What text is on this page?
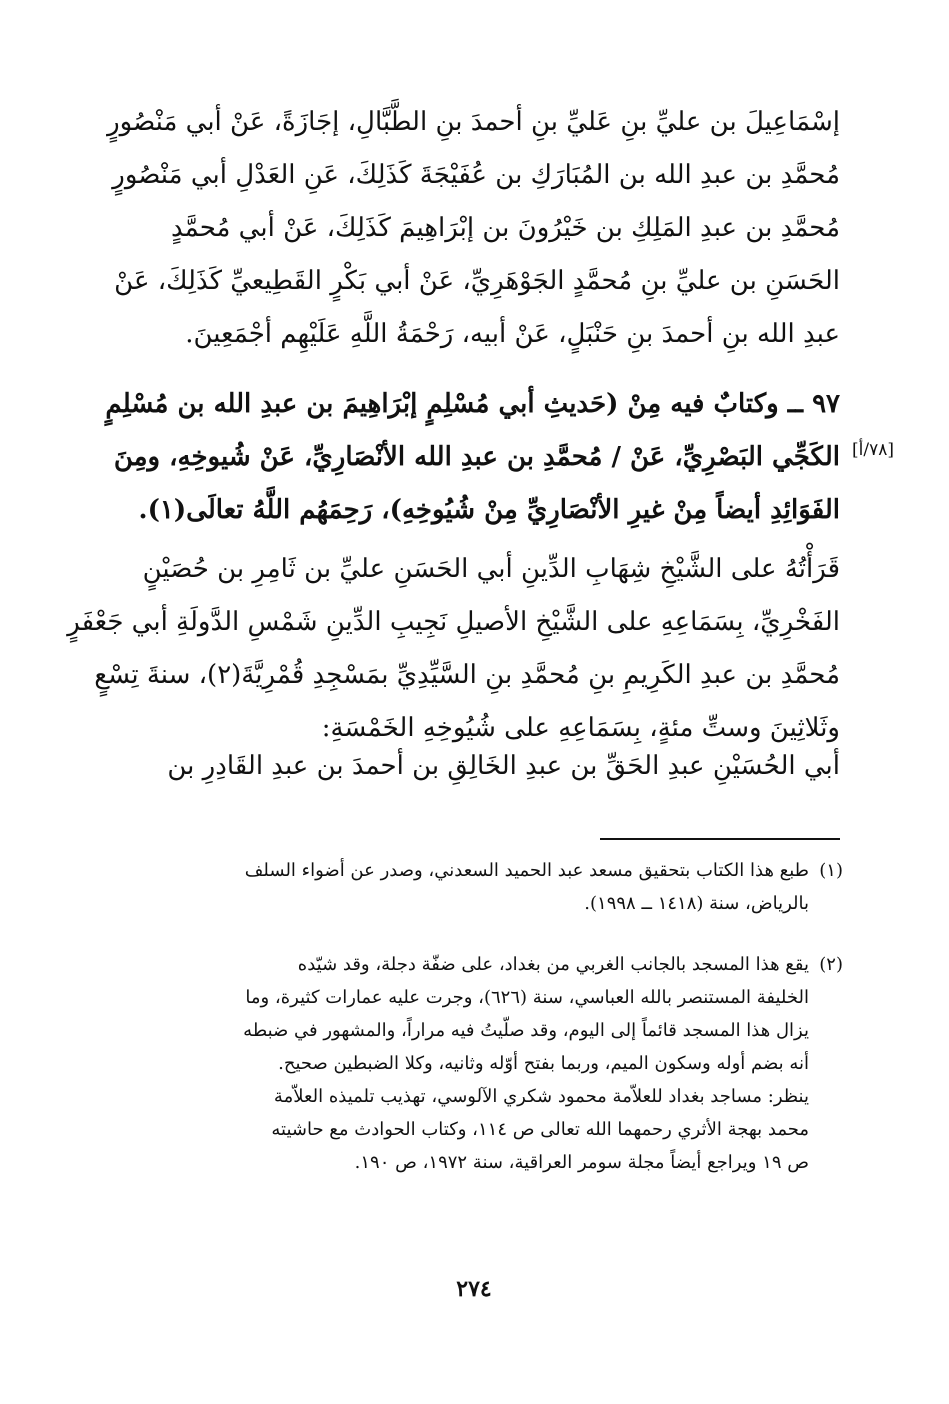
إسْمَاعِيلَ بن عليِّ بنِ عَليِّ بنِ أحمدَ بنِ الطَّبَّالِ، إجَازَةً، عَنْ أبي مَنْصُورٍ
مُحمَّدِ بن عبدِ الله بن المُبَارَكِ بن عُفَيْجَةَ كَذَلِكَ، عَنِ العَدْلِ أبي مَنْصُورٍ
مُحمَّدِ بن عبدِ المَلِكِ بن خَيْرُونَ بن إبْرَاهِيمَ كَذَلِكَ، عَنْ أبي مُحمَّدٍ
الحَسَنِ بن عليِّ بنِ مُحمَّدٍ الجَوْهَرِيِّ، عَنْ أبي بَكْرٍ القَطِيعيِّ كَذَلِكَ، عَنْ
عبدِ الله بنِ أحمدَ بنِ حَنْبَلٍ، عَنْ أبيه، رَحْمَةُ اللَّهِ عَلَيْهِم أجْمَعِينَ.
٩٧ ــ وكتابٌ فيه مِنْ (حَديثِ أبي مُسْلِمٍ إبْرَاهِيمَ بن عبدِ الله بن مُسْلِمٍ
الكَجِّي البَصْرِيِّ، عَنْ / مُحمَّدِ بن عبدِ الله الأنْصَارِيِّ، عَنْ شُيوخِهِ، ومِنَ
الفَوَائِدِ أيضاً مِنْ غيرِ الأنْصَارِيِّ مِنْ شُيُوخِهِ)، رَحِمَهُم اللَّهُ تعالَى(١).
[٧٨/أ]
قَرَأْتُهُ على الشَّيْخِ شِهَابِ الدِّينِ أبي الحَسَنِ عليِّ بن ثَامِرِ بن حُصَيْنٍ
الفَخْرِيِّ، بِسَمَاعِهِ على الشَّيْخِ الأصيلِ نَجِيبِ الدِّينِ شَمْسِ الدَّولَةِ أبي جَعْفَرٍ
مُحمَّدِ بن عبدِ الكَرِيمِ بنِ مُحمَّدِ بنِ السَّيِّدِيِّ بمَسْجِدِ قُمْرِيَّةَ(٢)، سنةَ تِسْعٍ
وثَلاثِينَ وستِّ مئةٍ، بِسَمَاعِهِ على شُيُوخِهِ الخَمْسَةِ:
أبي الحُسَيْنِ عبدِ الحَقِّ بن عبدِ الخَالِقِ بن أحمدَ بن عبدِ القَادِرِ بن
(١)طبع هذا الكتاب بتحقيق مسعد عبد الحميد السعدني، وصدر عن أضواء السلف
بالرياض، سنة (١٤١٨ ــ ١٩٩٨).
(٢)يقع هذا المسجد بالجانب الغربي من بغداد، على ضفّة دجلة، وقد شيّده
الخليفة المستنصر بالله العباسي، سنة (٦٢٦)، وجرت عليه عمارات كثيرة، وما
يزال هذا المسجد قائماً إلى اليوم، وقد صلّيتُ فيه مراراً، والمشهور في ضبطه
أنه بضم أوله وسكون الميم، وربما بفتح أوّله وثانيه، وكلا الضبطين صحيح.
ينظر: مساجد بغداد للعلاّمة محمود شكري الآلوسي، تهذيب تلميذه العلاّمة
محمد بهجة الأثري رحمهما الله تعالى ص ١١٤، وكتاب الحوادث مع حاشيته
ص ١٩ ويراجع أيضاً مجلة سومر العراقية، سنة ١٩٧٢، ص ١٩٠.
٢٧٤
